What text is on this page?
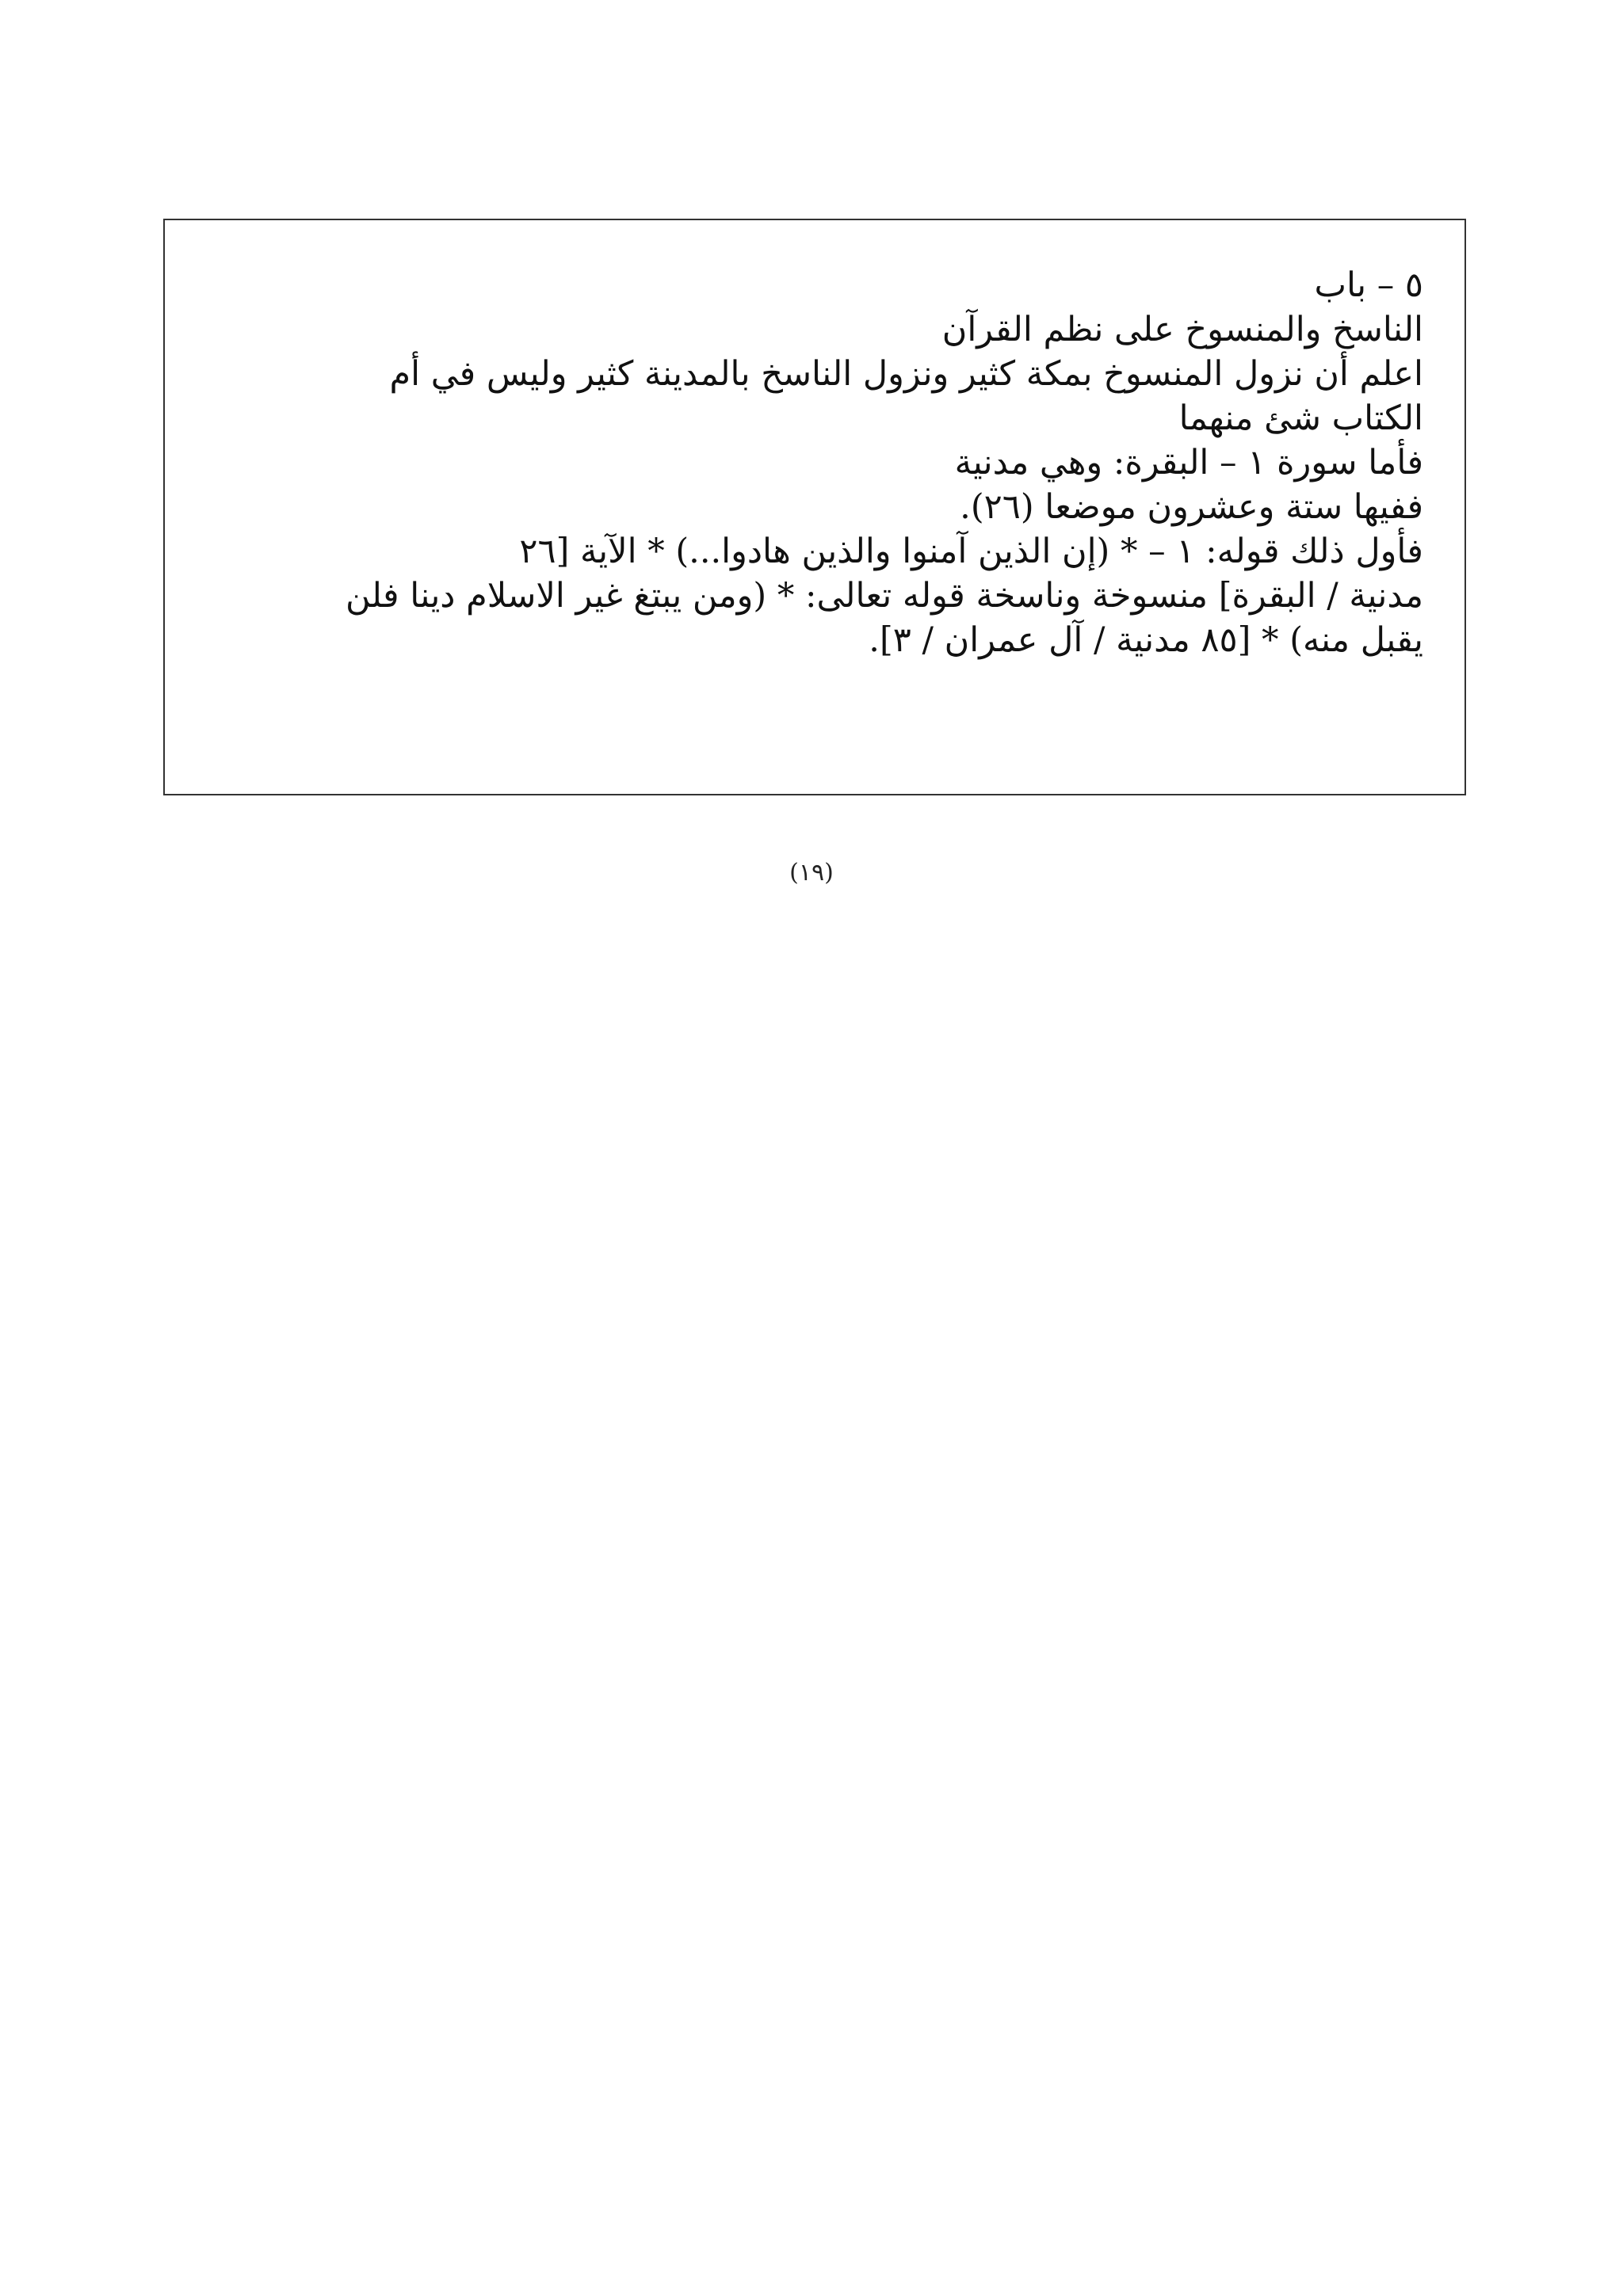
٥ – باب
الناسخ والمنسوخ على نظم القرآن
اعلم أن نزول المنسوخ بمكة كثير ونزول الناسخ بالمدينة كثير وليس في أم
الكتاب شئ منهما
فأما سورة ١ – البقرة: وهي مدنية
ففيها ستة وعشرون موضعا (٢٦).
فأول ذلك قوله: ١ – * (إن الذين آمنوا والذين هادوا...) * الآية [٢٦
مدنية / البقرة] منسوخة وناسخة قوله تعالى: * (ومن يبتغ غير الاسلام دينا فلن
يقبل منه) * [٨٥ مدنية / آل عمران / ٣].
(١٩)
